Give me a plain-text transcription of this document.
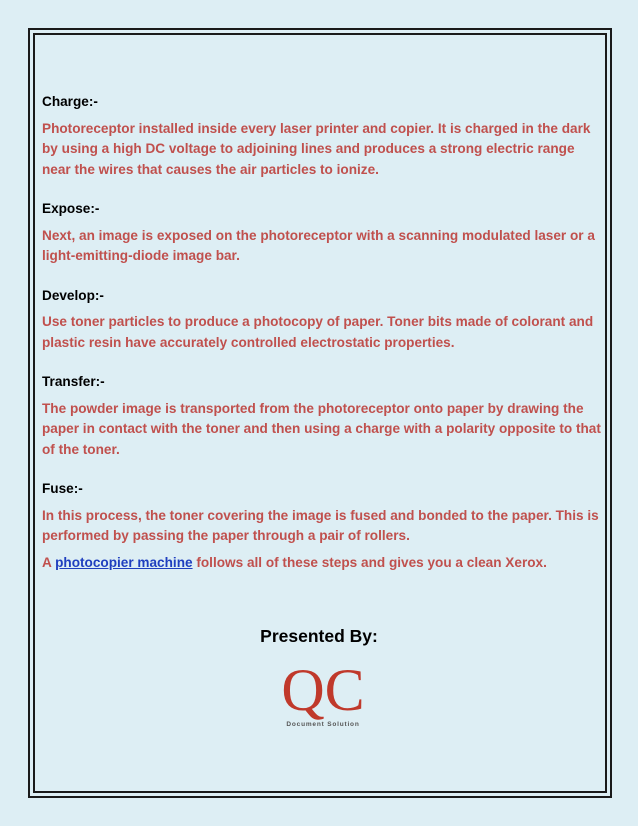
Charge:-
Photoreceptor installed inside every laser printer and copier. It is charged in the dark by using a high DC voltage to adjoining lines and produces a strong electric range near the wires that causes the air particles to ionize.
Expose:-
Next, an image is exposed on the photoreceptor with a scanning modulated laser or a light-emitting-diode image bar.
Develop:-
Use toner particles to produce a photocopy of paper. Toner bits made of colorant and plastic resin have accurately controlled electrostatic properties.
Transfer:-
The powder image is transported from the photoreceptor onto paper by drawing the paper in contact with the toner and then using a charge with a polarity opposite to that of the toner.
Fuse:-
In this process, the toner covering the image is fused and bonded to the paper. This is performed by passing the paper through a pair of rollers.
A photocopier machine follows all of these steps and gives you a clean Xerox.
Presented By:
QC
Document Solution
